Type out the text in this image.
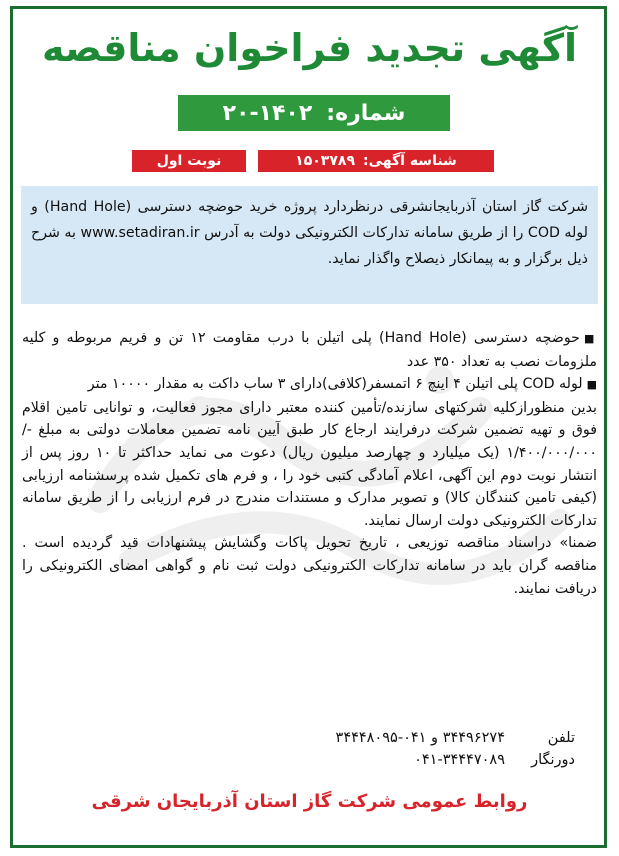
آگهی تجدید فراخوان مناقصه
شماره:
۲۰-۱۴۰۲
شناسه آگهی:
۱۵۰۳۷۸۹
نوبت اول
شرکت گاز استان آذربایجانشرقی درنظردارد پروژه خرید حوضچه دسترسی (Hand Hole) و لوله COD را از طریق سامانه تدارکات الکترونیکی دولت به آدرس www.setadiran.ir به شرح ذیل برگزار و به پیمانکار ذیصلاح واگذار نماید.

■حوضچه دسترسی (Hand Hole) پلی اتیلن با درب مقاومت ۱۲ تن و فریم مربوطه و کلیه ملزومات نصب به تعداد ۳۵۰ عدد

■لوله COD پلی اتیلن ۴ اینچ ۶ اتمسفر(کلافی)دارای ۳ ساب داکت به مقدار ۱۰۰۰۰ متر

بدین منظورازکلیه شرکتهای سازنده/تأمین کننده معتبر دارای مجوز فعالیت، و توانایی تامین اقلام فوق و تهیه تضمین شرکت درفرایند ارجاع کار طبق آیین نامه تضمین معاملات دولتی به مبلغ -/۱/۴۰۰/۰۰۰/۰۰۰ (یک میلیارد و چهارصد میلیون ریال) دعوت می نماید حداکثر تا ۱۰ روز پس از انتشار نوبت دوم این آگهی، اعلام آمادگی کتبی خود را ، و فرم های تکمیل شده پرسشنامه ارزیابی (کیفی تامین کنندگان کالا) و تصویر مدارک و مستندات مندرج در فرم ارزیابی را از طریق سامانه تدارکات الکترونیکی دولت ارسال نمایند.

ضمنا» دراسناد مناقصه توزیعی ، تاریخ تحویل پاکات وگشایش پیشنهادات قید گردیده است . مناقصه گران باید در سامانه تدارکات الکترونیکی دولت ثبت نام و گواهی امضای الکترونیکی را دریافت نمایند.

تلفن
۳۴۴۹۶۲۷۴ و ۰۴۱-۳۴۴۴۸۰۹۵
دورنگار
۰۴۱-۳۴۴۴۷۰۸۹
روابط عمومی شرکت گاز استان آذربایجان شرقی
